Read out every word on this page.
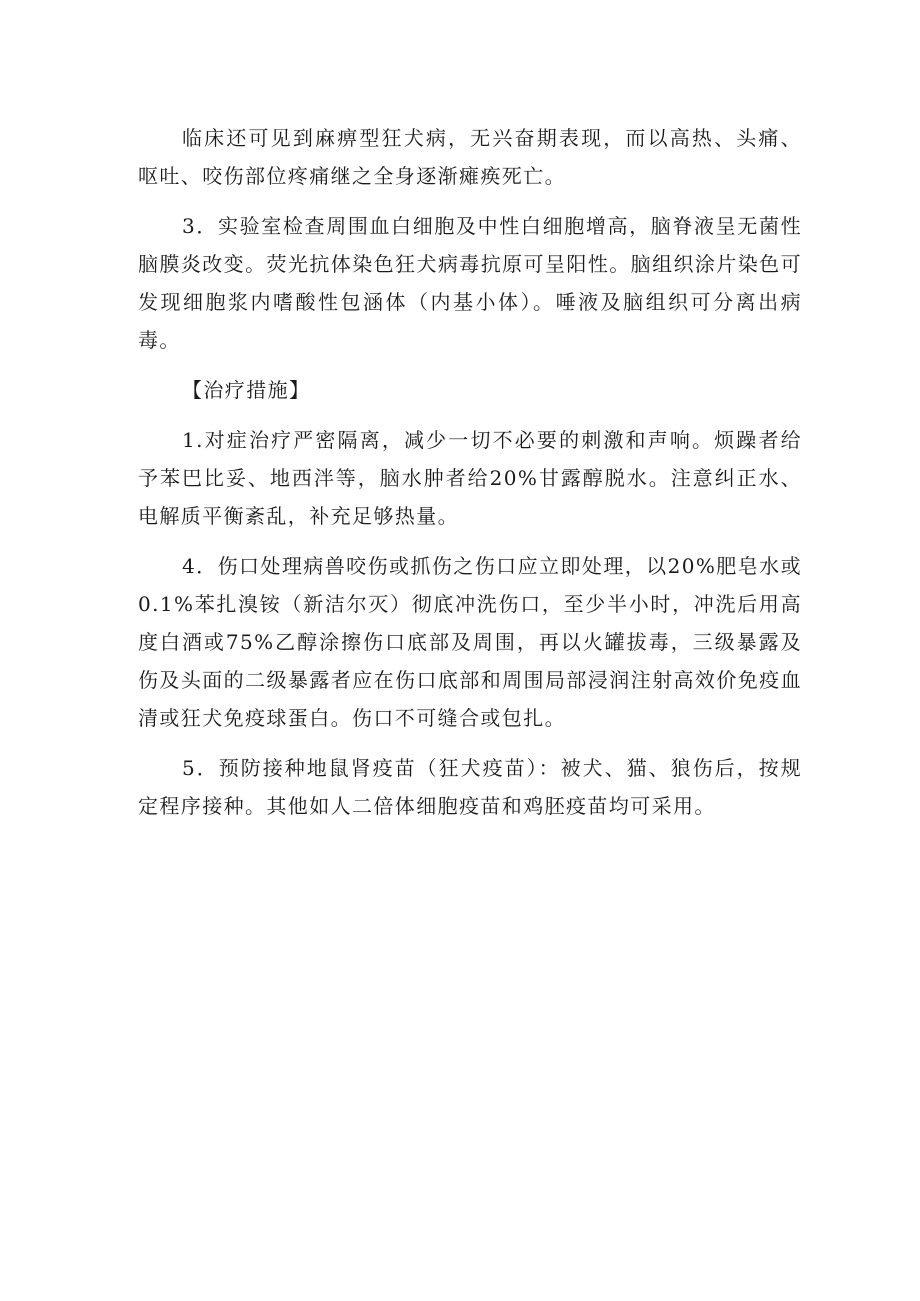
临床还可见到麻痹型狂犬病，无兴奋期表现，而以高热、头痛、呕吐、咬伤部位疼痛继之全身逐渐瘫痪死亡。

3．实验室检查周围血白细胞及中性白细胞增高，脑脊液呈无菌性脑膜炎改变。荧光抗体染色狂犬病毒抗原可呈阳性。脑组织涂片染色可发现细胞浆内嗜酸性包涵体（内基小体）。唾液及脑组织可分离出病毒。

【治疗措施】

1.对症治疗严密隔离，减少一切不必要的刺激和声响。烦躁者给予苯巴比妥、地西泮等，脑水肿者给20%甘露醇脱水。注意纠正水、电解质平衡紊乱，补充足够热量。

4．伤口处理病兽咬伤或抓伤之伤口应立即处理，以20%肥皂水或0.1%苯扎溴铵（新洁尔灭）彻底冲洗伤口，至少半小时，冲洗后用高度白酒或75%乙醇涂擦伤口底部及周围，再以火罐拔毒，三级暴露及伤及头面的二级暴露者应在伤口底部和周围局部浸润注射高效价免疫血清或狂犬免疫球蛋白。伤口不可缝合或包扎。

5．预防接种地鼠肾疫苗（狂犬疫苗）：被犬、猫、狼伤后，按规定程序接种。其他如人二倍体细胞疫苗和鸡胚疫苗均可采用。
